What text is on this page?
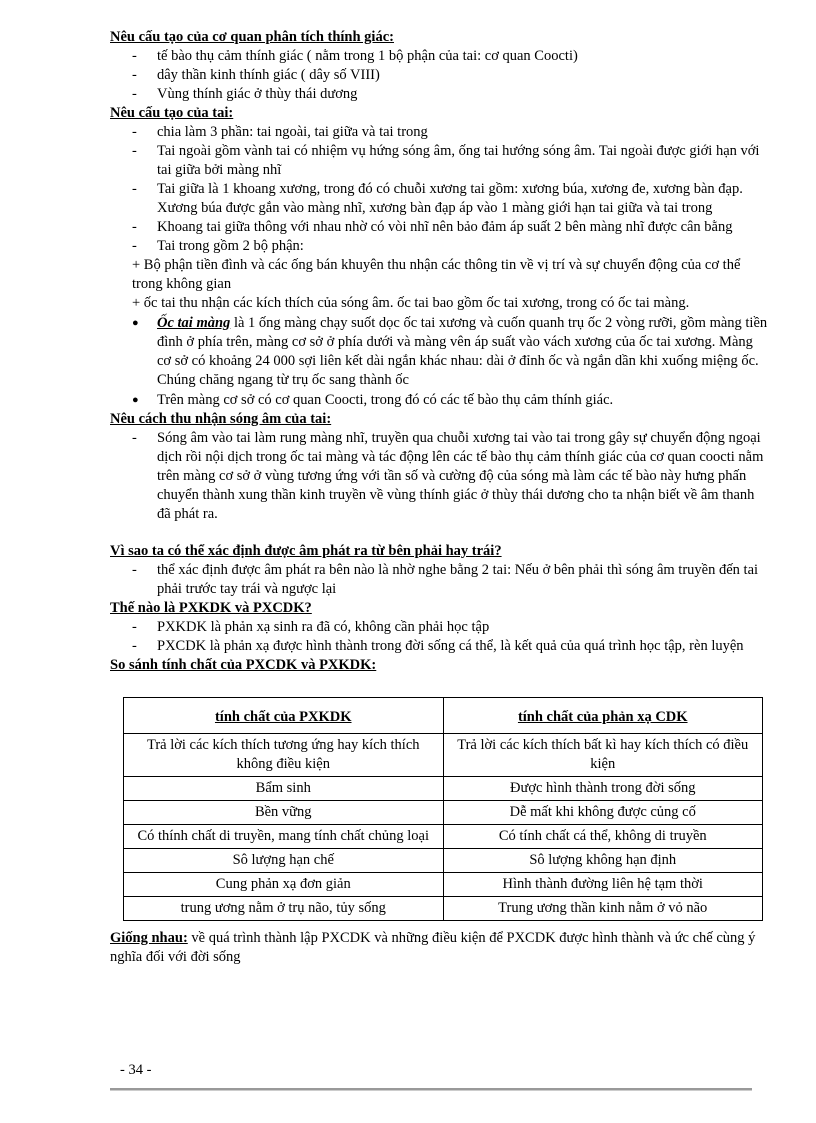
Nêu cấu tạo của cơ quan phân tích thính giác:

- tế bào thụ cảm thính giác ( nằm trong 1 bộ phận của tai: cơ quan Coocti)
- dây thần kinh thính giác ( dây số VIII)
- Vùng thính giác ở thùy thái dương

Nêu cấu tạo của tai:

- chia làm 3 phần: tai ngoài, tai giữa và tai trong
- Tai ngoài gồm vành tai có nhiệm vụ hứng sóng âm, ống tai hướng sóng âm. Tai ngoài được giới hạn với tai giữa bởi màng nhĩ
- Tai giữa là 1 khoang xương, trong đó có chuỗi xương tai gồm: xương búa, xương đe, xương bàn đạp. Xương búa được gắn vào màng nhĩ, xương bàn đạp áp vào 1 màng giới hạn tai giữa và tai trong
- Khoang tai giữa thông với nhau nhờ có vòi nhĩ nên bảo đảm áp suất 2 bên màng nhĩ được cân bằng
- Tai trong gồm 2 bộ phận:

+ Bộ phận tiền đình và các ống bán khuyên thu nhận các thông tin về vị trí và sự chuyển động của cơ thể trong không gian

+ ốc tai thu nhận các kích thích của sóng âm. ốc tai bao gồm ốc tai xương, trong có ốc tai màng.

● Ốc tai màng là 1 ống màng chạy suốt dọc ốc tai xương và cuốn quanh trụ ốc 2 vòng rưỡi, gồm màng tiền đình ở phía trên, màng cơ sở ở phía dưới và màng vên áp suất vào vách xương của ốc tai xương. Màng cơ sở có khoảng 24 000 sợi liên kết dài ngắn khác nhau: dài ở đỉnh ốc và ngắn dần khi xuống miệng ốc. Chúng chăng ngang từ trụ ốc sang thành ốc
● Trên màng cơ sở có cơ quan Coocti, trong đó có các tế bào thụ cảm thính giác.

Nêu cách thu nhận sóng âm của tai:

- Sóng âm vào tai làm rung màng nhĩ, truyền qua chuỗi xương tai vào tai trong gây sự chuyển động ngoại dịch rồi nội dịch trong ốc tai màng và tác động lên các tế bào thụ cảm thính giác của cơ quan coocti nằm trên màng cơ sở ở vùng tương ứng với tần số và cường độ của sóng mà làm các tế bào này hưng phấn chuyển thành xung thần kinh truyền về vùng thính giác ở thùy thái dương cho ta nhận biết về âm thanh đã phát ra.

Vì sao ta có thể xác định được âm phát ra từ bên phải hay trái?

- thể xác định được âm phát ra bên nào là nhờ nghe bằng 2 tai: Nếu ở bên phải thì sóng âm truyền đến tai phải trước tay trái và ngược lại

Thế nào là PXKDK và PXCDK?

- PXKDK là phản xạ sinh ra đã có, không cần phải học tập
- PXCDK là phản xạ được hình thành trong đời sống cá thể, là kết quả của quá trình học tập, rèn luyện

So sánh tính chất của PXCDK và PXKDK:

tính chất của PXKDK	tính chất của phản xạ CDK
Trả lời các kích thích tương ứng hay kích thích không điều kiện	Trả lời các kích thích bất kì hay kích thích có điều kiện
Bẩm sinh	Được hình thành trong đời sống
Bền vững	Dễ mất khi không được củng cố
Có thính chất di truyền, mang tính chất chủng loại	Có tính chất cá thể, không di truyền
Sô lượng hạn chế	Sô lượng không hạn định
Cung phản xạ đơn giản	Hình thành đường liên hệ tạm thời
trung ương nằm ở trụ não, tủy sống	Trung ương thần kinh nằm ở vỏ não

Giống nhau: về quá trình thành lập PXCDK và những điều kiện để PXCDK được hình thành và ức chế cùng ý nghĩa đối với đời sống

- 34 -
